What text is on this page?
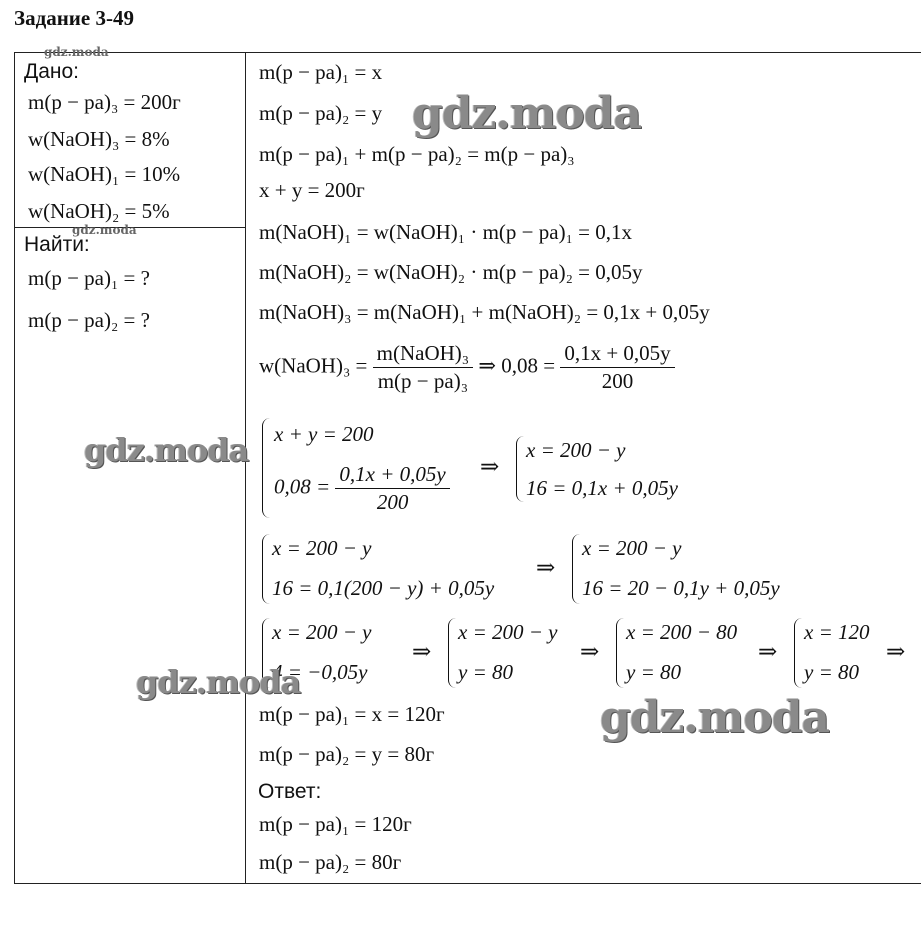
Задание 3-49
Дано:
m(p − pa)₃ = 200г
w(NaOH)₃ = 8%
w(NaOH)₁ = 10%
w(NaOH)₂ = 5%
Найти:
m(p − pa)₁ = ?
m(p − pa)₂ = ?
m(p − pa)₁ = x
m(p − pa)₂ = y
m(p − pa)₁ + m(p − pa)₂ = m(p − pa)₃
x + y = 200г
m(NaOH)₁ = w(NaOH)₁ · m(p − pa)₁ = 0,1x
m(NaOH)₂ = w(NaOH)₂ · m(p − pa)₂ = 0,05y
m(NaOH)₃ = m(NaOH)₁ + m(NaOH)₂ = 0,1x + 0,05y
w(NaOH)₃ = $\frac{\text{m(NaOH)₃}}{\text{m(p − pa)₃}}$ ⇒ $0,08 = \frac{0,1x + 0,05y}{200}$
x + y = 200
$0,08 = \frac{0,1x + 0,05y}{200}$ ⇒
x = 200 − y
16 = 0,1x + 0,05y
x = 200 − y
16 = 0,1(200 − y) + 0,05y
⇒
x = 200 − y
16 = 20 − 0,1y + 0,05y
x = 200 − y
4 = −0,05y
⇒
x = 200 − y
y = 80
⇒
x = 200 − 80
y = 80
⇒
x = 120
y = 80
⇒
m(p − pa)₁ = x = 120г
m(p − pa)₂ = y = 80г
Ответ:
m(p − pa)₁ = 120г
m(p − pa)₂ = 80г
gdz.moda
gdz.moda
gdz.moda
gdz.moda
gdz.moda
gdz.moda
